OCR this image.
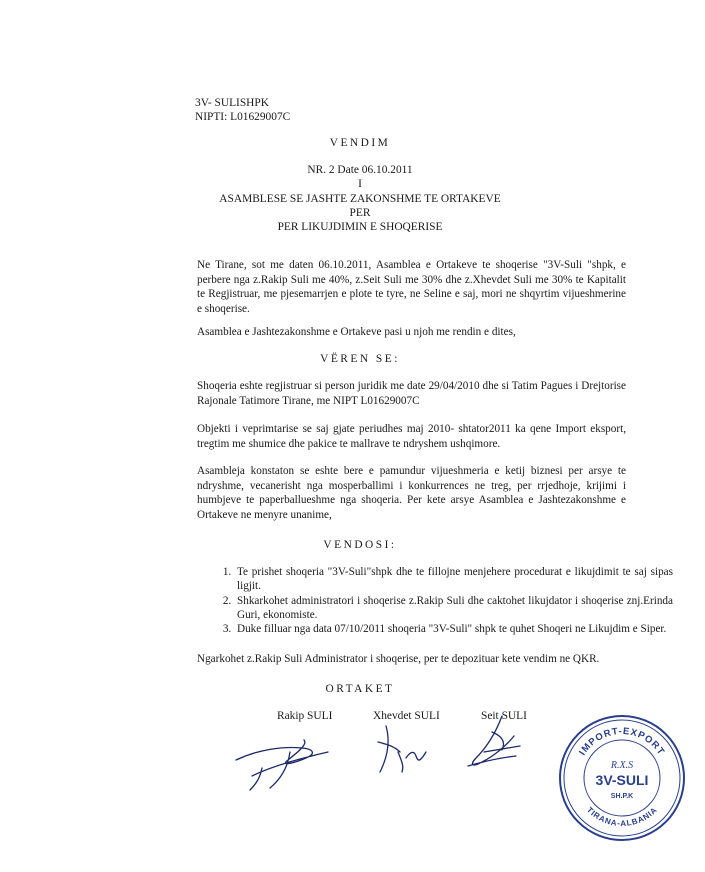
3V- SULISHPK
NIPTI: L01629007C
VENDIM
NR. 2 Date 06.10.2011
I
ASAMBLESE SE JASHTE ZAKONSHME TE ORTAKEVE
PER
PER LIKUJDIMIN E SHOQERISE
Ne Tirane, sot me daten 06.10.2011, Asamblea e Ortakeve te shoqerise "3V-Suli "shpk, e perbere nga z.Rakip Suli me 40%, z.Seit Suli me 30% dhe z.Xhevdet Suli me 30% te Kapitalit te Regjistruar, me pjesemarrjen e plote te tyre, ne Seline e saj, mori ne shqyrtim vijueshmerine e shoqerise.
Asamblea e Jashtezakonshme e Ortakeve pasi u njoh me rendin e dites,
VËREN SE:
Shoqeria eshte regjistruar si person juridik me date 29/04/2010 dhe si Tatim Pagues i Drejtorise Rajonale Tatimore Tirane, me NIPT L01629007C
Objekti i veprimtarise se saj gjate periudhes maj 2010- shtator2011 ka qene Import eksport, tregtim me shumice dhe pakice te mallrave te ndryshem ushqimore.
Asambleja konstaton se eshte bere e pamundur vijueshmeria e ketij biznesi per arsye te ndryshme, vecanerisht nga mosperballimi i konkurrences ne treg, per rrjedhoje, krijimi i humbjeve te paperballueshme nga shoqeria. Per kete arsye Asamblea e Jashtezakonshme e Ortakeve ne menyre unanime,
VENDOSI:
1. Te prishet shoqeria "3V-Suli"shpk dhe te fillojne menjehere procedurat e likujdimit te saj sipas ligjit.
2. Shkarkohet administratori i shoqerise z.Rakip Suli dhe caktohet likujdator i shoqerise znj.Erinda Guri, ekonomiste.
3. Duke filluar nga data 07/10/2011 shoqeria "3V-Suli" shpk te quhet Shoqeri ne Likujdim e Siper.
Ngarkohet z.Rakip Suli Administrator i shoqerise, per te depozituar kete vendim ne QKR.
ORTAKET
Rakip SULI	Xhevdet SULI	Seit SULI
IMPORT-EXPORT
TIRANA-ALBANIA
R.X.S
3V-SULI
SH.P.K
